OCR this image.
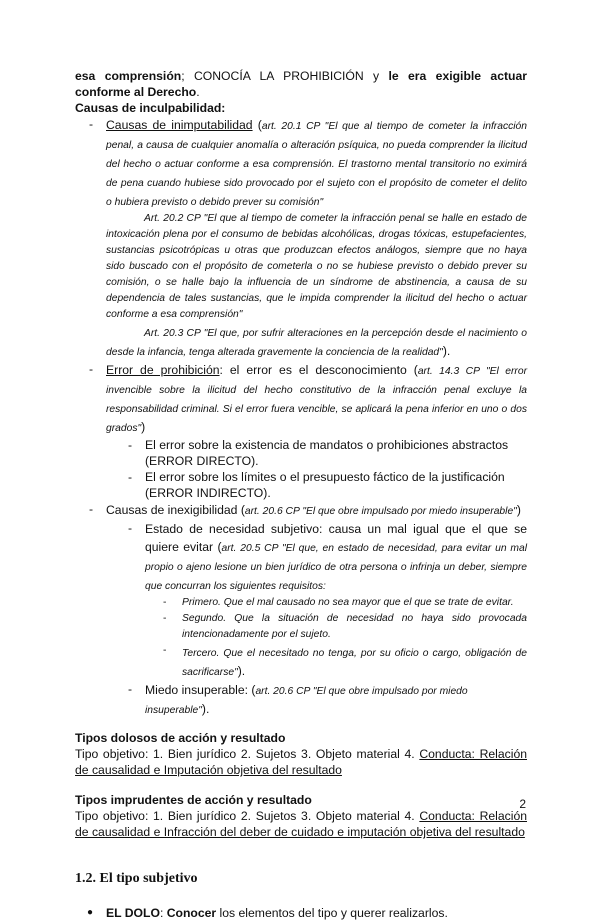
esa comprensión; CONOCÍA LA PROHIBICIÓN y le era exigible actuar conforme al Derecho.

Causas de inculpabilidad:

- Causas de inimputabilidad (art. 20.1 CP "El que al tiempo de cometer la infracción penal, a causa de cualquier anomalía o alteración psíquica, no pueda comprender la ilicitud del hecho o actuar conforme a esa comprensión. El trastorno mental transitorio no eximirá de pena cuando hubiese sido provocado por el sujeto con el propósito de cometer el delito o hubiera previsto o debido prever su comisión"

Art. 20.2 CP "El que al tiempo de cometer la infracción penal se halle en estado de intoxicación plena por el consumo de bebidas alcohólicas, drogas tóxicas, estupefacientes, sustancias psicotrópicas u otras que produzcan efectos análogos, siempre que no haya sido buscado con el propósito de cometerla o no se hubiese previsto o debido prever su comisión, o se halle bajo la influencia de un síndrome de abstinencia, a causa de su dependencia de tales sustancias, que le impida comprender la ilicitud del hecho o actuar conforme a esa comprensión"

Art. 20.3 CP "El que, por sufrir alteraciones en la percepción desde el nacimiento o desde la infancia, tenga alterada gravemente la conciencia de la realidad").

- Error de prohibición: el error es el desconocimiento (art. 14.3 CP "El error invencible sobre la ilicitud del hecho constitutivo de la infracción penal excluye la responsabilidad criminal. Si el error fuera vencible, se aplicará la pena inferior en uno o dos grados")

- El error sobre la existencia de mandatos o prohibiciones abstractos (ERROR DIRECTO).

- El error sobre los límites o el presupuesto fáctico de la justificación (ERROR INDIRECTO).

- Causas de inexigibilidad (art. 20.6 CP "El que obre impulsado por miedo insuperable")

- Estado de necesidad subjetivo: causa un mal igual que el que se quiere evitar (art. 20.5 CP "El que, en estado de necesidad, para evitar un mal propio o ajeno lesione un bien jurídico de otra persona o infrinja un deber, siempre que concurran los siguientes requisitos:

- Primero. Que el mal causado no sea mayor que el que se trate de evitar.

- Segundo. Que la situación de necesidad no haya sido provocada intencionadamente por el sujeto.

- Tercero. Que el necesitado no tenga, por su oficio o cargo, obligación de sacrificarse").

- Miedo insuperable: (art. 20.6 CP "El que obre impulsado por miedo insuperable").

Tipos dolosos de acción y resultado

Tipo objetivo: 1. Bien jurídico 2. Sujetos 3. Objeto material 4. Conducta: Relación de causalidad e Imputación objetiva del resultado

Tipos imprudentes de acción y resultado

Tipo objetivo: 1. Bien jurídico 2. Sujetos 3. Objeto material 4. Conducta: Relación de causalidad e Infracción del deber de cuidado e imputación objetiva del resultado

1.2. El tipo subjetivo

● EL DOLO: Conocer los elementos del tipo y querer realizarlos.

2
